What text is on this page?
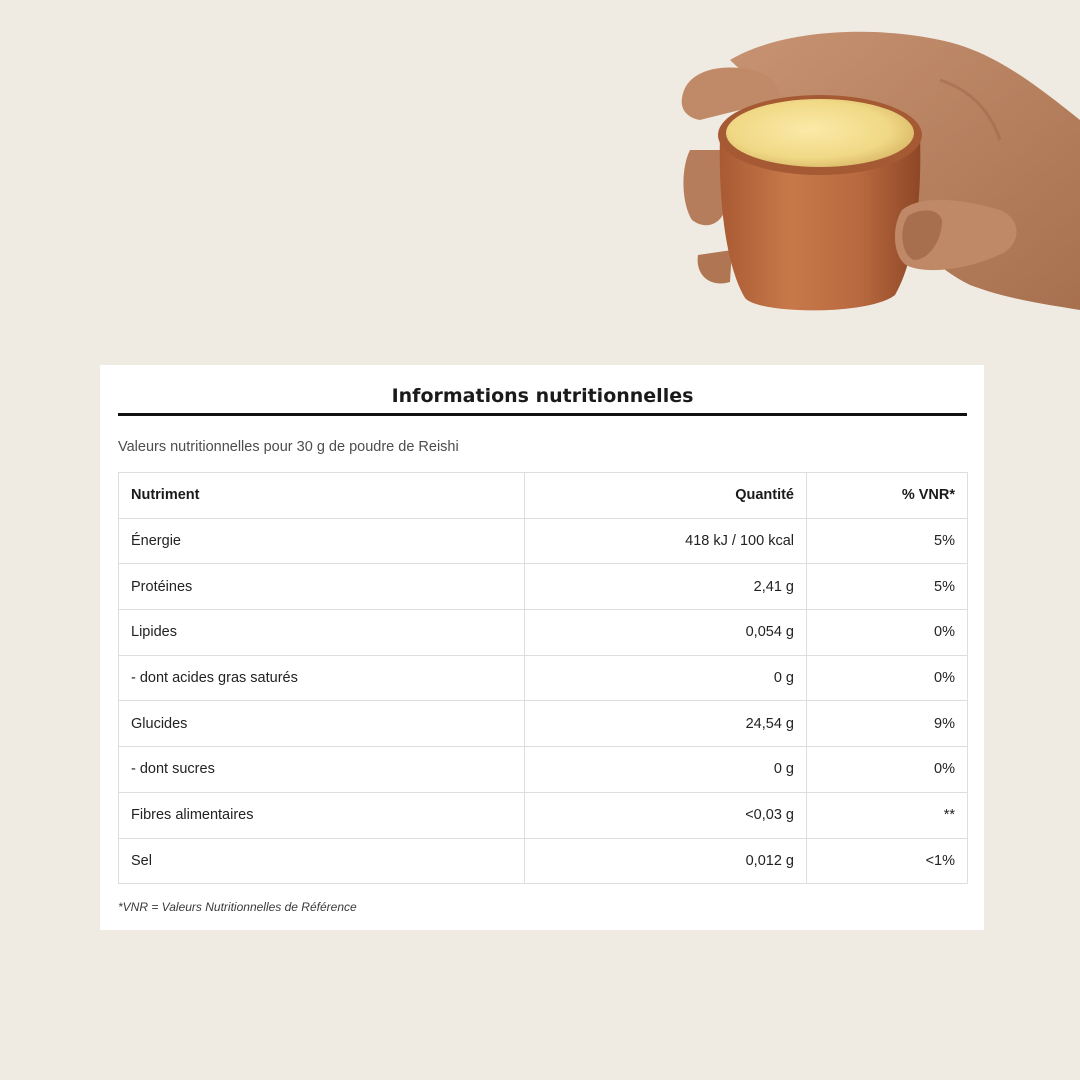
Informations nutritionnelles
Valeurs nutritionnelles pour 30 g de poudre de Reishi
Nutriment	Quantité	% VNR*
Énergie	418 kJ / 100 kcal	5%
Protéines	2,41 g	5%
Lipides	0,054 g	0%
- dont acides gras saturés	0 g	0%
Glucides	24,54 g	9%
- dont sucres	0 g	0%
Fibres alimentaires	<0,03 g	**
Sel	0,012 g	<1%
*VNR = Valeurs Nutritionnelles de Référence
